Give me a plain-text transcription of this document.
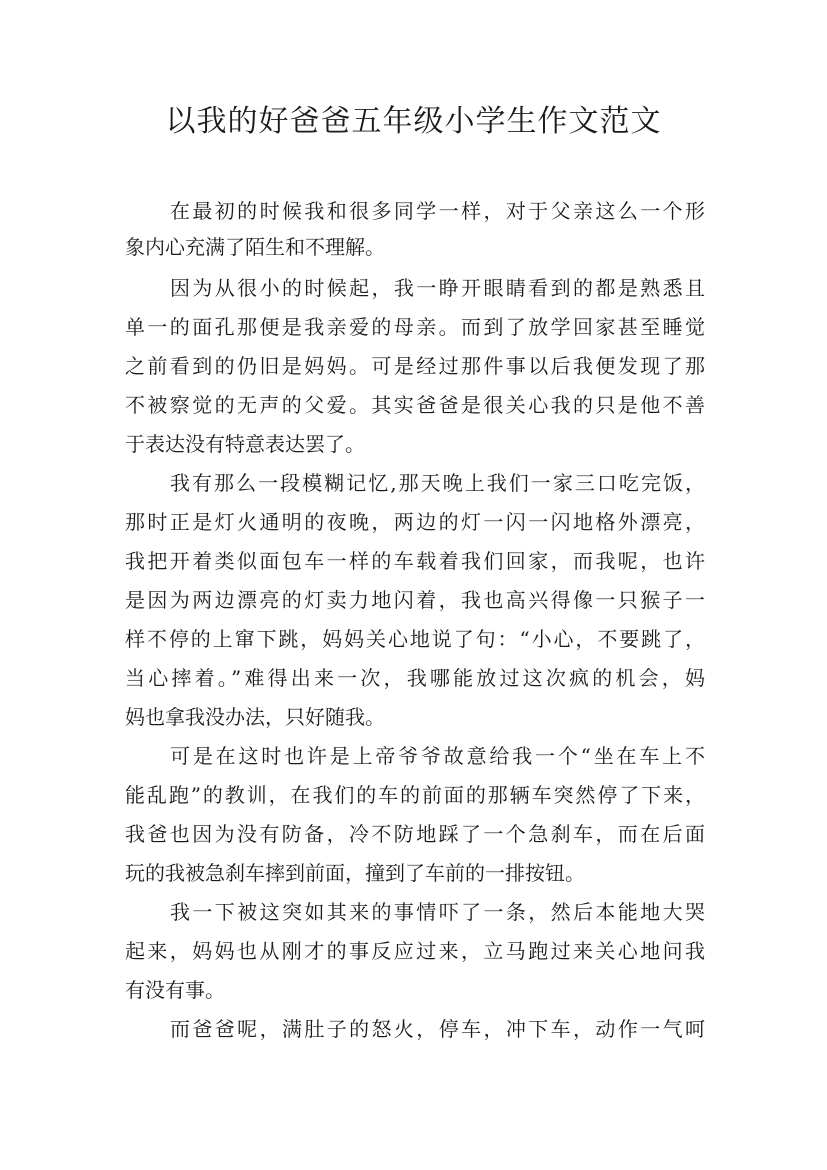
以我的好爸爸五年级小学生作文范文
在最初的时候我和很多同学一样，对于父亲这么一个形
象内心充满了陌生和不理解。
因为从很小的时候起，我一睁开眼睛看到的都是熟悉且
单一的面孔那便是我亲爱的母亲。而到了放学回家甚至睡觉
之前看到的仍旧是妈妈。可是经过那件事以后我便发现了那
不被察觉的无声的父爱。其实爸爸是很关心我的只是他不善
于表达没有特意表达罢了。
我有那么一段模糊记忆,那天晚上我们一家三口吃完饭，
那时正是灯火通明的夜晚，两边的灯一闪一闪地格外漂亮，
我把开着类似面包车一样的车载着我们回家，而我呢，也许
是因为两边漂亮的灯卖力地闪着，我也高兴得像一只猴子一
样不停的上窜下跳，妈妈关心地说了句：“小心，不要跳了，
当心摔着。”难得出来一次，我哪能放过这次疯的机会，妈
妈也拿我没办法，只好随我。
可是在这时也许是上帝爷爷故意给我一个“坐在车上不
能乱跑”的教训，在我们的车的前面的那辆车突然停了下来，
我爸也因为没有防备，冷不防地踩了一个急刹车，而在后面
玩的我被急刹车摔到前面，撞到了车前的一排按钮。
我一下被这突如其来的事情吓了一条，然后本能地大哭
起来，妈妈也从刚才的事反应过来，立马跑过来关心地问我
有没有事。
而爸爸呢，满肚子的怒火，停车，冲下车，动作一气呵
